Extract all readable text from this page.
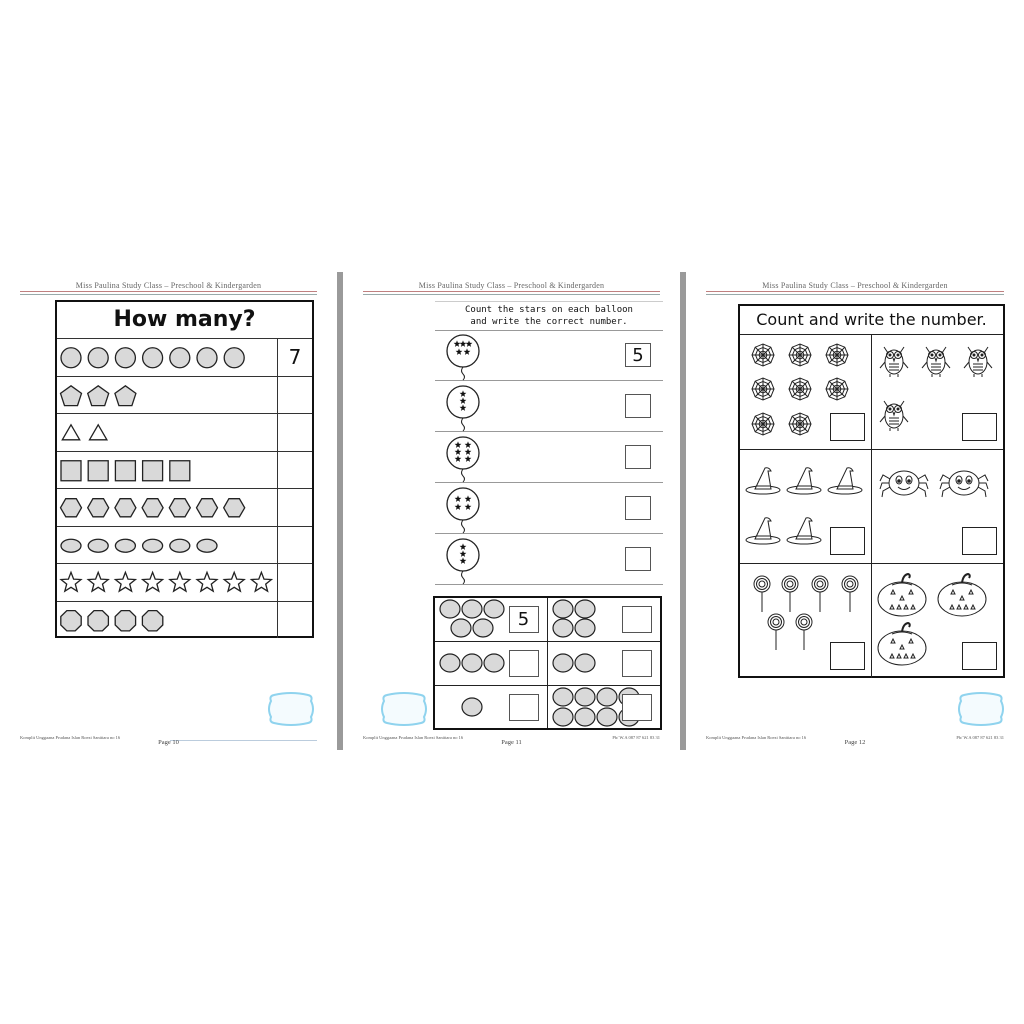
Miss Paulina Study Class – Preschool & Kindergarden
How many?
7
Komplit Unggaana Prudana Islan Roezi Sanittara no 16
Page 10
Miss Paulina Study Class – Preschool & Kindergarden
Count the stars on each balloon
and write the correct number.
5
5
Komplit Unggaana Prudana Islan Roezi Sanittara no 16	Pb/ W.A 087 87 621 83 31
Page 11
Miss Paulina Study Class – Preschool & Kindergarden
Count and write the number.
Komplit Unggaana Prudana Islan Roezi Sanittara no 16	Pb/ W.A 087 87 621 83 31
Page 12
